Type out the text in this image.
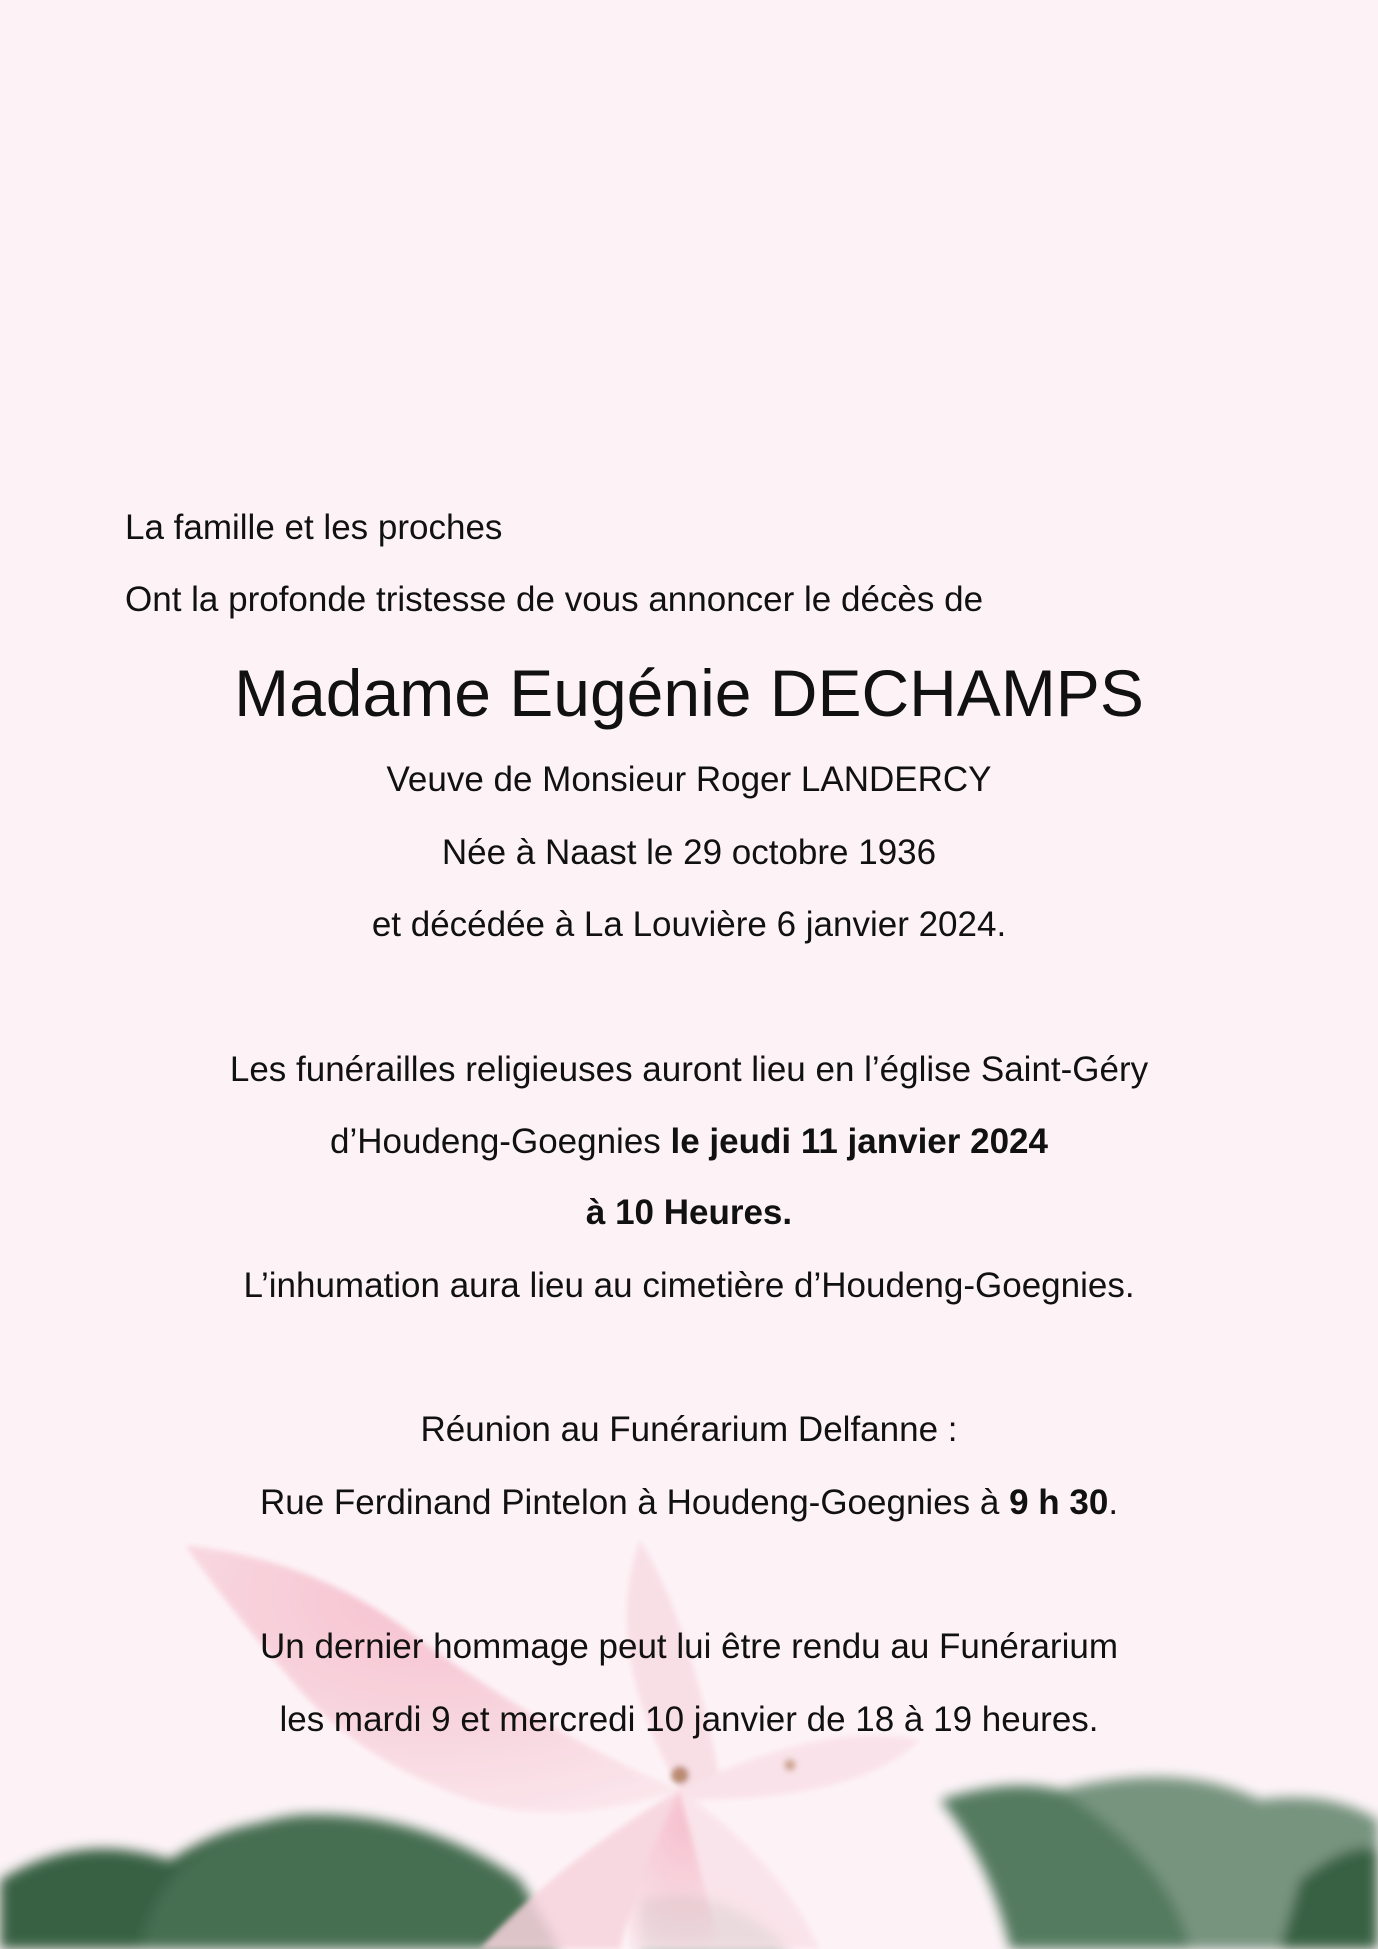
La famille et les proches
Ont la profonde tristesse de vous annoncer le décès de
Madame Eugénie DECHAMPS
Veuve de Monsieur Roger LANDERCY
Née à Naast le 29 octobre 1936
et décédée à La Louvière 6 janvier 2024.
Les funérailles religieuses auront lieu en l’église Saint-Géry
d’Houdeng-Goegnies le jeudi 11 janvier 2024
à 10 Heures.
L’inhumation aura lieu au cimetière d’Houdeng-Goegnies.
Réunion au Funérarium Delfanne :
Rue Ferdinand Pintelon à Houdeng-Goegnies à 9 h 30.
Un dernier hommage peut lui être rendu au Funérarium
les mardi 9 et mercredi 10 janvier de 18 à 19 heures.
